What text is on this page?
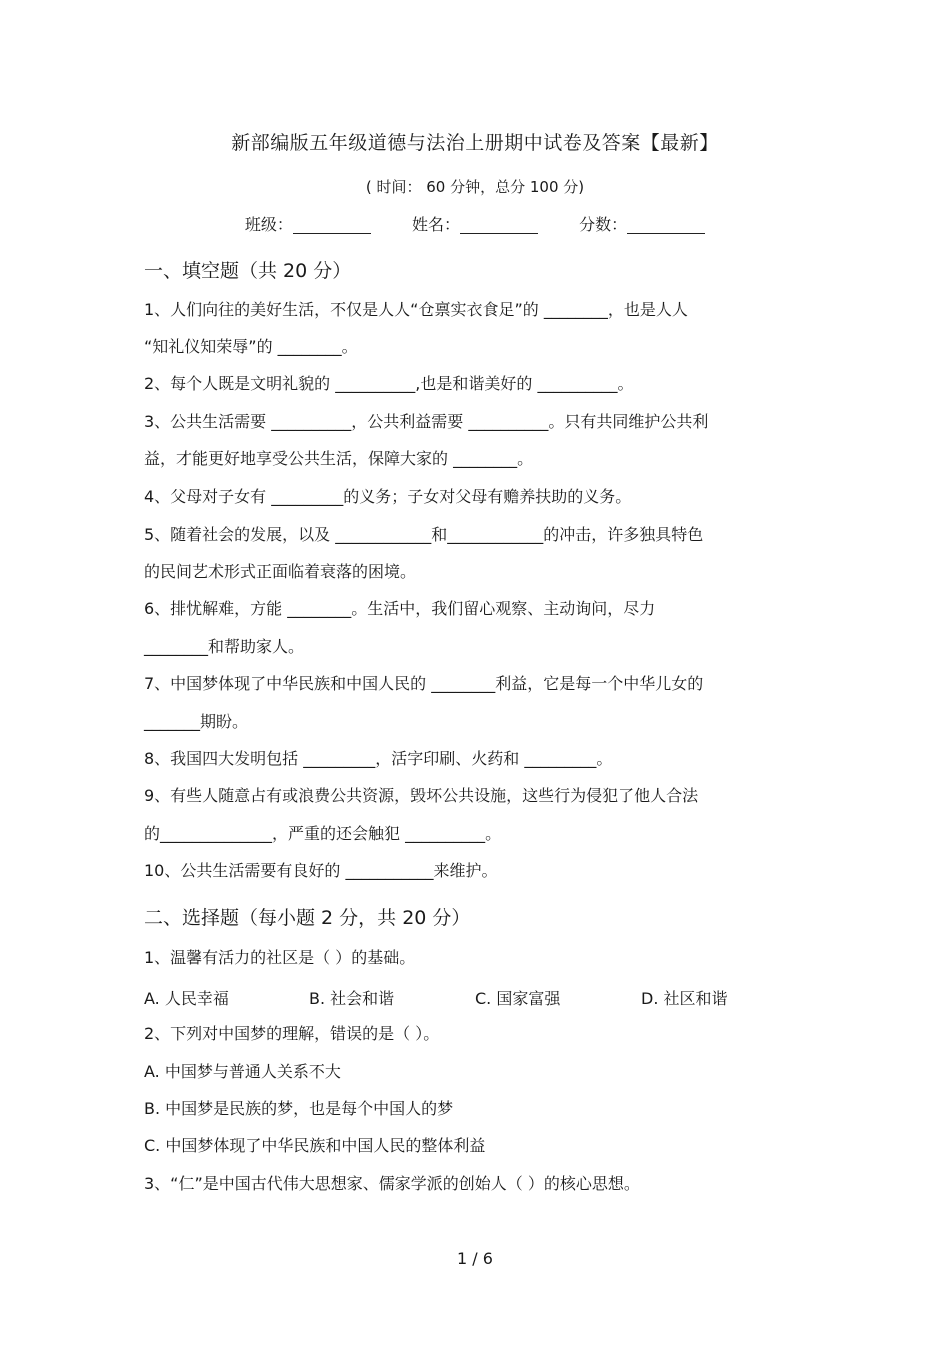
新部编版五年级道德与法治上册期中试卷及答案【最新】
( 时间： 60 分钟，总分 100 分)
班级：	姓名：	分数：
一、填空题（共 20 分）
1、人们向往的美好生活，不仅是人人“仓禀实衣食足”的 ________，也是人人
“知礼仪知荣辱”的 ________。
2、每个人既是文明礼貌的 __________,也是和谐美好的 __________。
3、公共生活需要 __________，公共利益需要 __________。只有共同维护公共利
益，才能更好地享受公共生活，保障大家的 ________。
4、父母对子女有 _________的义务；子女对父母有赡养扶助的义务。
5、随着社会的发展，以及 ____________和____________的冲击，许多独具特色
的民间艺术形式正面临着衰落的困境。
6、排忧解难，方能 ________。生活中，我们留心观察、主动询问，尽力
________和帮助家人。
7、中国梦体现了中华民族和中国人民的 ________利益，它是每一个中华儿女的
_______期盼。
8、我国四大发明包括 _________，活字印刷、火药和 _________。
9、有些人随意占有或浪费公共资源，毁坏公共设施，这些行为侵犯了他人合法
的______________，严重的还会触犯 __________。
10、公共生活需要有良好的 ___________来维护。
二、选择题（每小题 2 分，共 20 分）
1、温馨有活力的社区是（ ）的基础。
A. 人民幸福	B. 社会和谐	C. 国家富强	D. 社区和谐
2、下列对中国梦的理解，错误的是（ ）。
A. 中国梦与普通人关系不大
B. 中国梦是民族的梦，也是每个中国人的梦
C. 中国梦体现了中华民族和中国人民的整体利益
3、“仁”是中国古代伟大思想家、儒家学派的创始人（ ）的核心思想。
1 / 6
